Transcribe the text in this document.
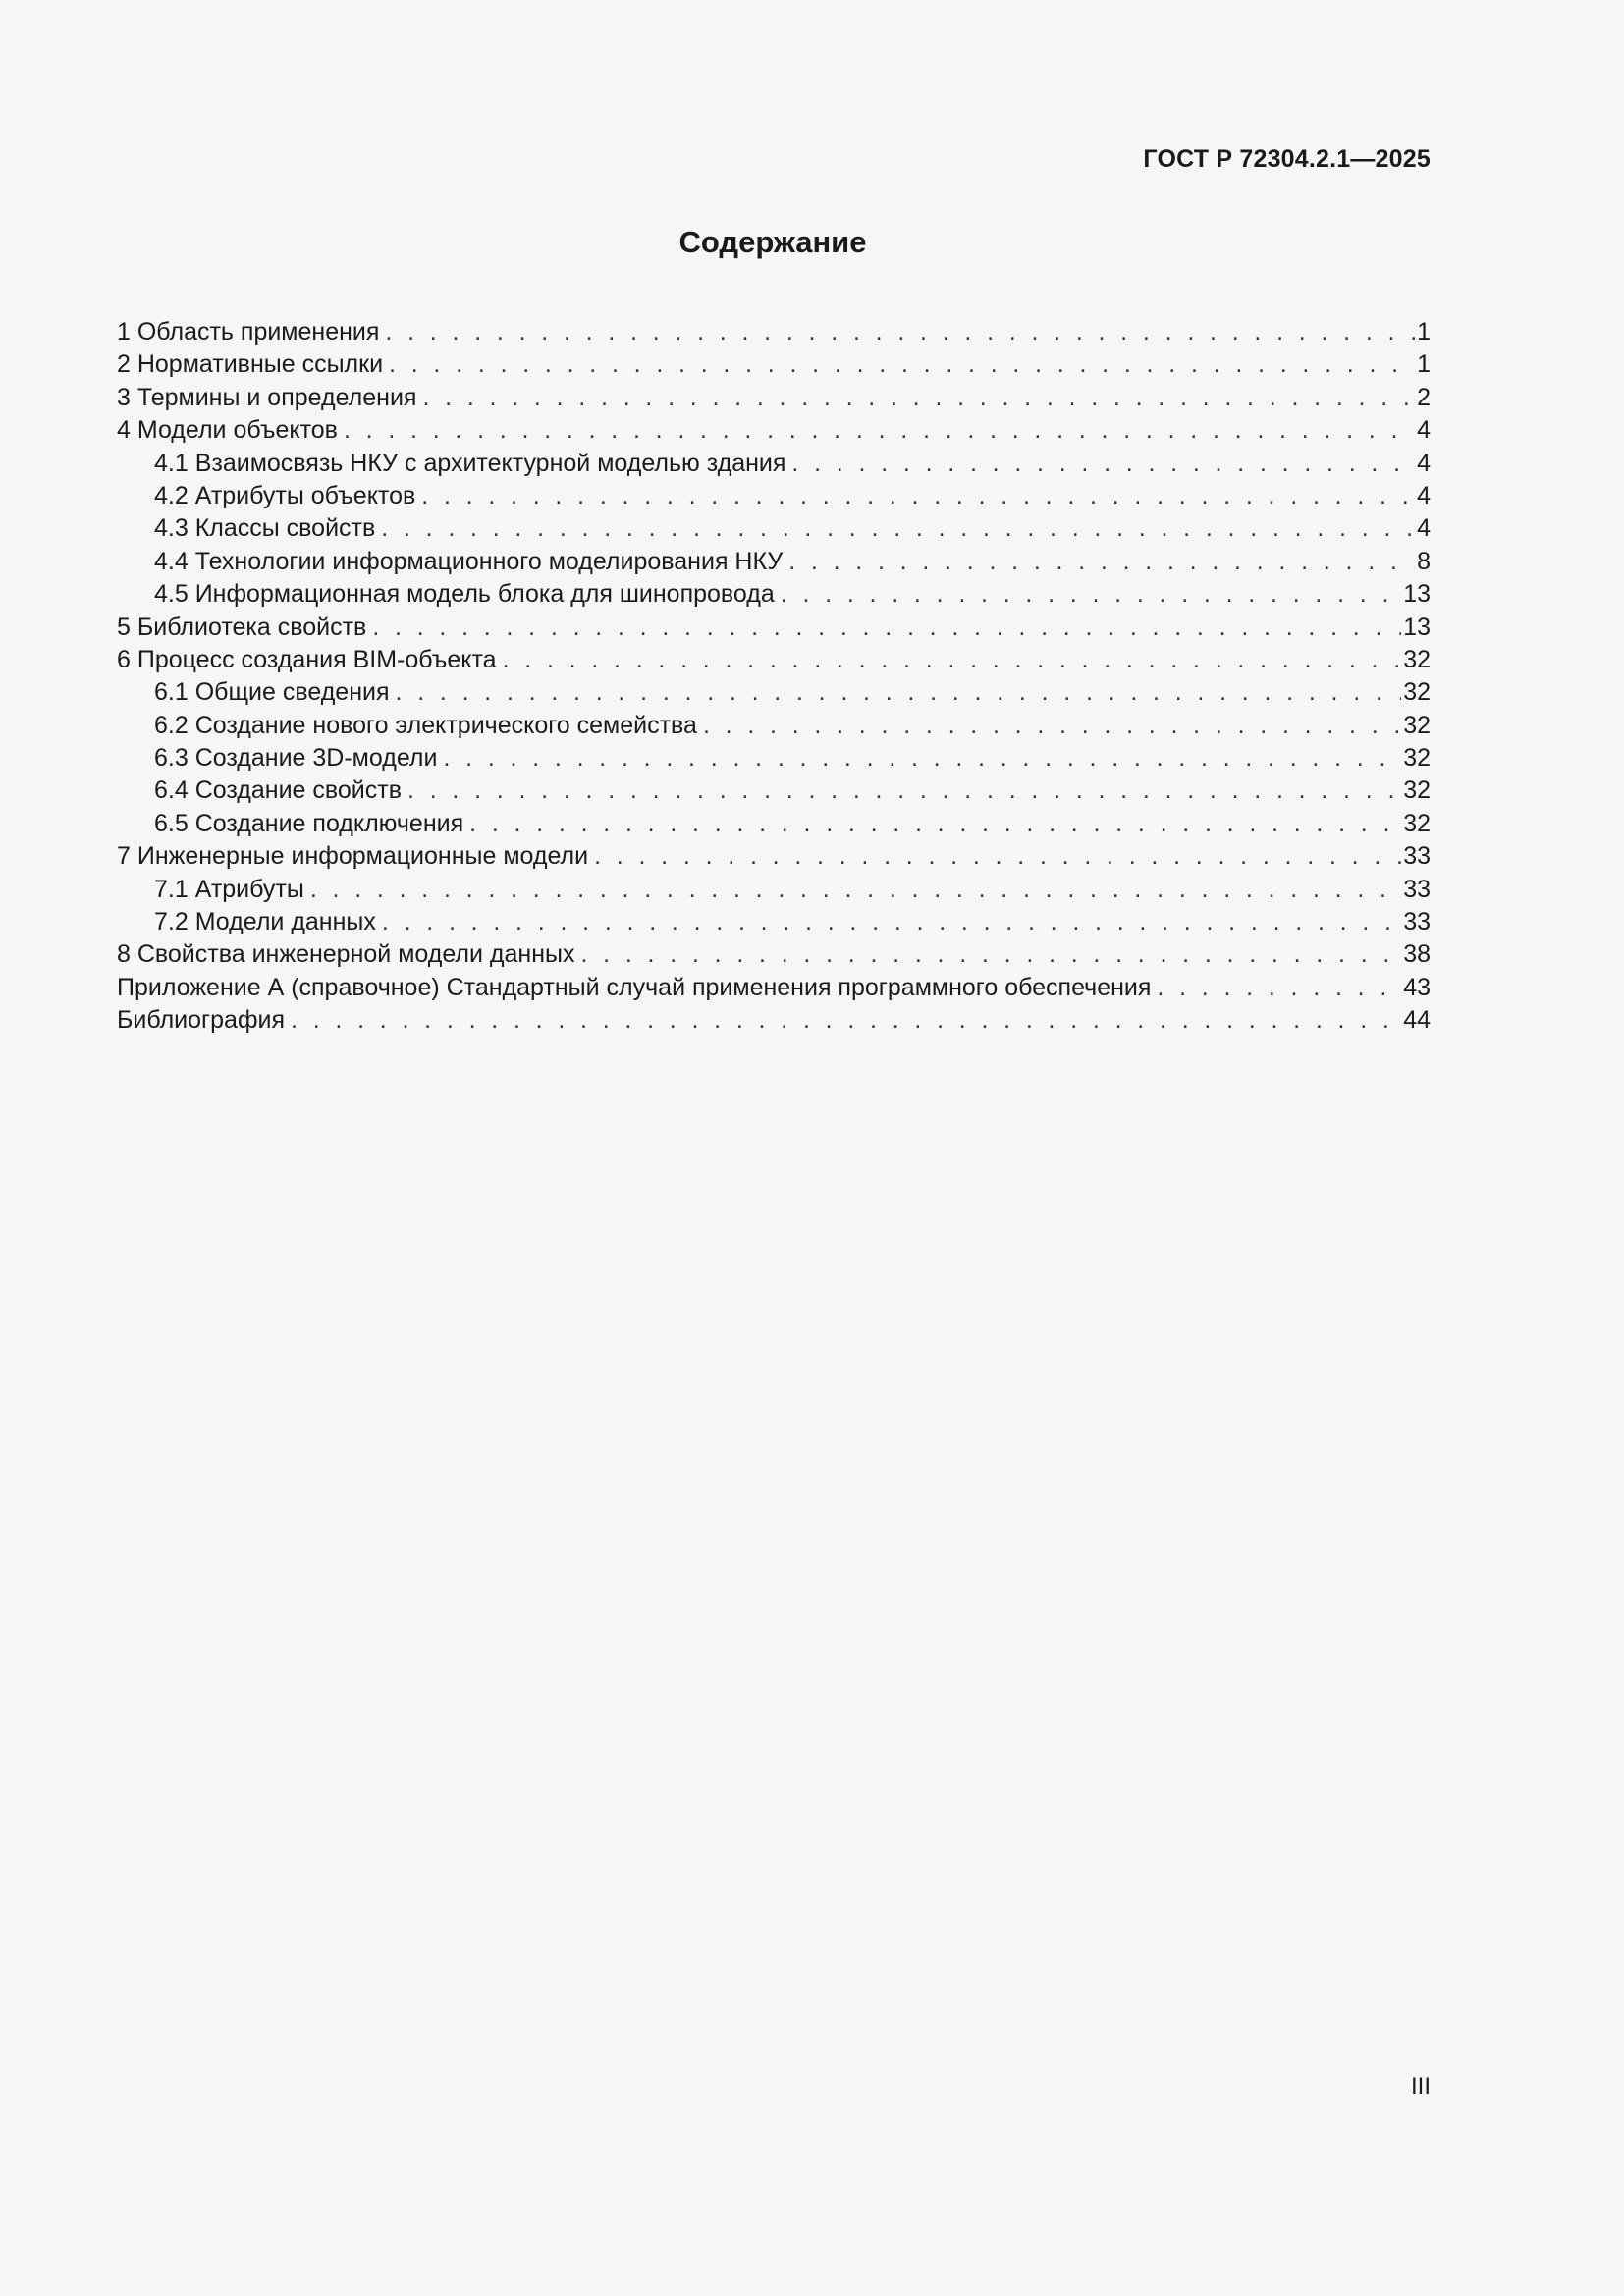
ГОСТ Р 72304.2.1—2025
Содержание
1 Область применения . . .	1
2 Нормативные ссылки . . .	1
3 Термины и определения . . .	2
4 Модели объектов . . .	4
4.1 Взаимосвязь НКУ с архитектурной моделью здания . . .	4
4.2 Атрибуты объектов . . .	4
4.3 Классы свойств . . .	4
4.4 Технологии информационного моделирования НКУ . . .	8
4.5 Информационная модель блока для шинопровода . . .	13
5 Библиотека свойств . . .	13
6 Процесс создания BIM-объекта . . .	32
6.1 Общие сведения . . .	32
6.2 Создание нового электрического семейства . . .	32
6.3 Создание 3D-модели . . .	32
6.4 Создание свойств . . .	32
6.5 Создание подключения . . .	32
7 Инженерные информационные модели . . .	33
7.1 Атрибуты . . .	33
7.2 Модели данных . . .	33
8 Свойства инженерной модели данных . . .	38
Приложение А (справочное) Стандартный случай применения программного обеспечения . . .	43
Библиография . . .	44
III
